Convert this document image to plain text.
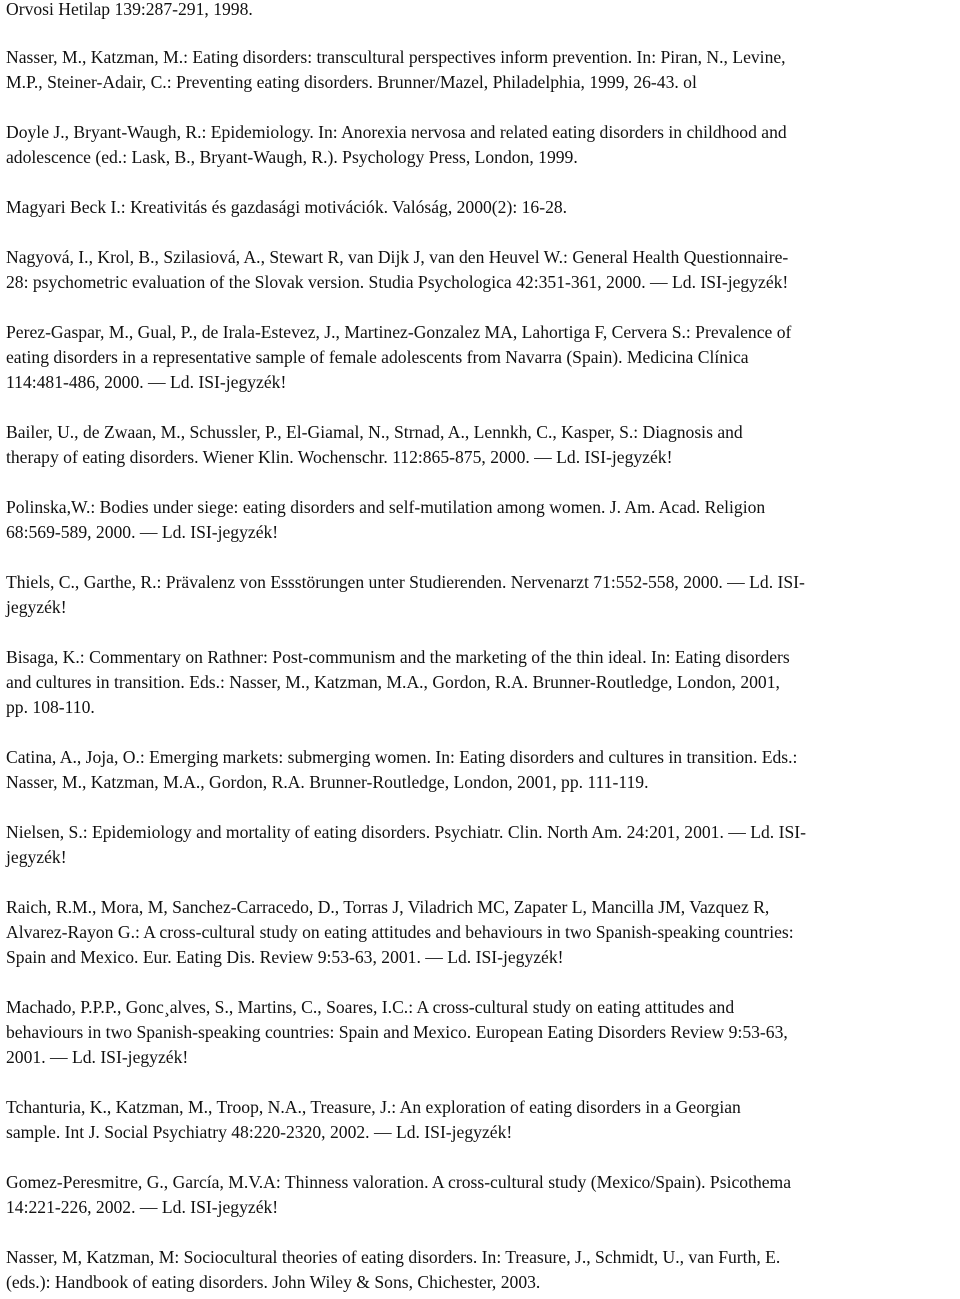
Orvosi Hetilap 139:287-291, 1998.

Nasser, M., Katzman, M.: Eating disorders: transcultural perspectives inform prevention. In: Piran, N., Levine,
M.P., Steiner-Adair, C.: Preventing eating disorders. Brunner/Mazel, Philadelphia, 1999, 26-43. ol

Doyle J., Bryant-Waugh, R.: Epidemiology. In: Anorexia nervosa and related eating disorders in childhood and
adolescence (ed.: Lask, B., Bryant-Waugh, R.). Psychology Press, London, 1999.

Magyari Beck I.: Kreativitás és gazdasági motivációk. Valóság, 2000(2): 16-28.

Nagyová, I., Krol, B., Szilasiová, A., Stewart R, van Dijk J, van den Heuvel W.: General Health Questionnaire-
28: psychometric evaluation of the Slovak version. Studia Psychologica 42:351-361, 2000. — Ld. ISI-jegyzék!

Perez-Gaspar, M., Gual, P., de Irala-Estevez, J., Martinez-Gonzalez MA, Lahortiga F, Cervera S.: Prevalence of
eating disorders in a representative sample of female adolescents from Navarra (Spain). Medicina Clínica
114:481-486, 2000. — Ld. ISI-jegyzék!

Bailer, U., de Zwaan, M., Schussler, P., El-Giamal, N., Strnad, A., Lennkh, C., Kasper, S.: Diagnosis and
therapy of eating disorders. Wiener Klin. Wochenschr. 112:865-875, 2000. — Ld. ISI-jegyzék!

Polinska,W.: Bodies under siege: eating disorders and self-mutilation among women. J. Am. Acad. Religion
68:569-589, 2000. — Ld. ISI-jegyzék!

Thiels, C., Garthe, R.: Prävalenz von Essstörungen unter Studierenden. Nervenarzt 71:552-558, 2000. — Ld. ISI-
jegyzék!

Bisaga, K.: Commentary on Rathner: Post-communism and the marketing of the thin ideal. In: Eating disorders
and cultures in transition. Eds.: Nasser, M., Katzman, M.A., Gordon, R.A. Brunner-Routledge, London, 2001,
pp. 108-110.

Catina, A., Joja, O.: Emerging markets: submerging women. In: Eating disorders and cultures in transition. Eds.:
Nasser, M., Katzman, M.A., Gordon, R.A. Brunner-Routledge, London, 2001, pp. 111-119.

Nielsen, S.: Epidemiology and mortality of eating disorders. Psychiatr. Clin. North Am. 24:201, 2001. — Ld. ISI-
jegyzék!

Raich, R.M., Mora, M, Sanchez-Carracedo, D., Torras J, Viladrich MC, Zapater L, Mancilla JM, Vazquez R,
Alvarez-Rayon G.: A cross-cultural study on eating attitudes and behaviours in two Spanish-speaking countries:
Spain and Mexico. Eur. Eating Dis. Review 9:53-63, 2001. — Ld. ISI-jegyzék!

Machado, P.P.P., Gonc¸alves, S., Martins, C., Soares, I.C.: A cross-cultural study on eating attitudes and
behaviours in two Spanish-speaking countries: Spain and Mexico. European Eating Disorders Review 9:53-63,
2001. — Ld. ISI-jegyzék!

Tchanturia, K., Katzman, M., Troop, N.A., Treasure, J.: An exploration of eating disorders in a Georgian
sample. Int J. Social Psychiatry 48:220-2320, 2002. — Ld. ISI-jegyzék!

Gomez-Peresmitre, G., García, M.V.A: Thinness valoration. A cross-cultural study (Mexico/Spain). Psicothema
14:221-226, 2002. — Ld. ISI-jegyzék!

Nasser, M, Katzman, M: Sociocultural theories of eating disorders. In: Treasure, J., Schmidt, U., van Furth, E.
(eds.): Handbook of eating disorders. John Wiley & Sons, Chichester, 2003.
